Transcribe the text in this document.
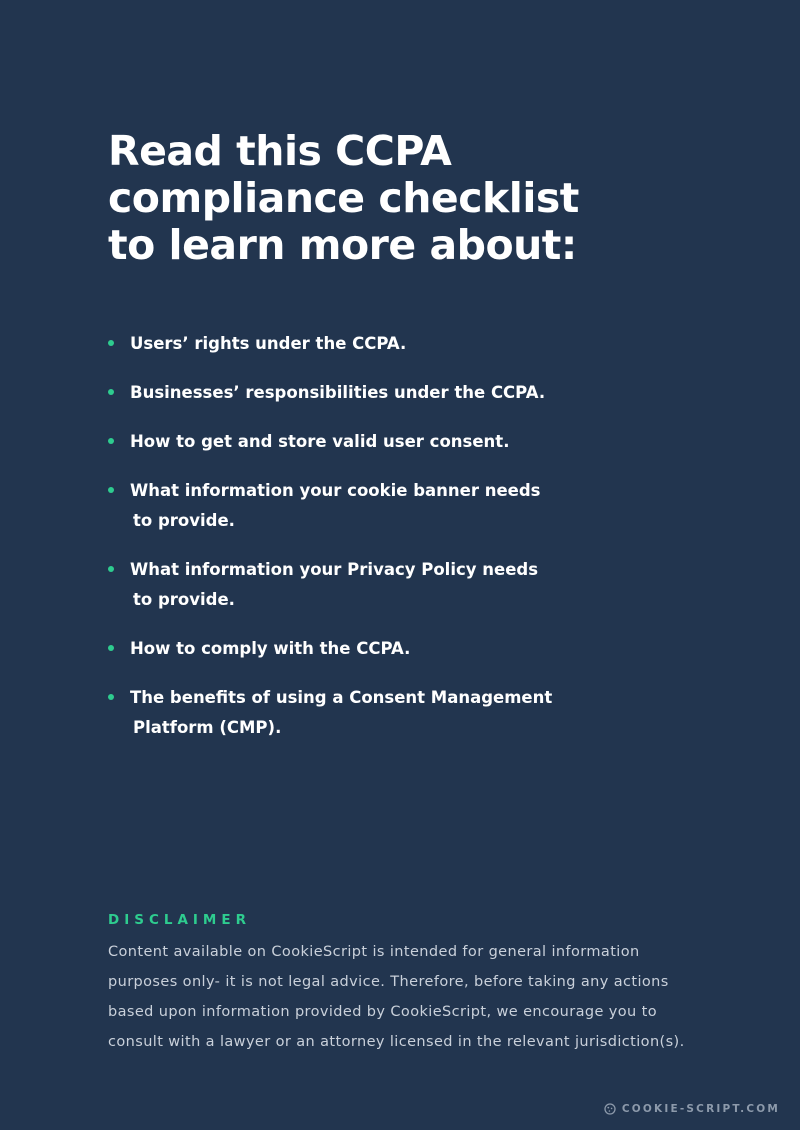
Read this CCPA
compliance checklist
to learn more about:
Users’ rights under the CCPA.
Businesses’ responsibilities under the CCPA.
How to get and store valid user consent.
What information your cookie banner needs
to provide.
What information your Privacy Policy needs
to provide.
How to comply with the CCPA.
The benefits of using a Consent Management
Platform (CMP).
DISCLAIMER

Content available on CookieScript is intended for general information
purposes only- it is not legal advice. Therefore, before taking any actions
based upon information provided by CookieScript, we encourage you to
consult with a lawyer or an attorney licensed in the relevant jurisdiction(s).

COOKIE-SCRIPT.COM
